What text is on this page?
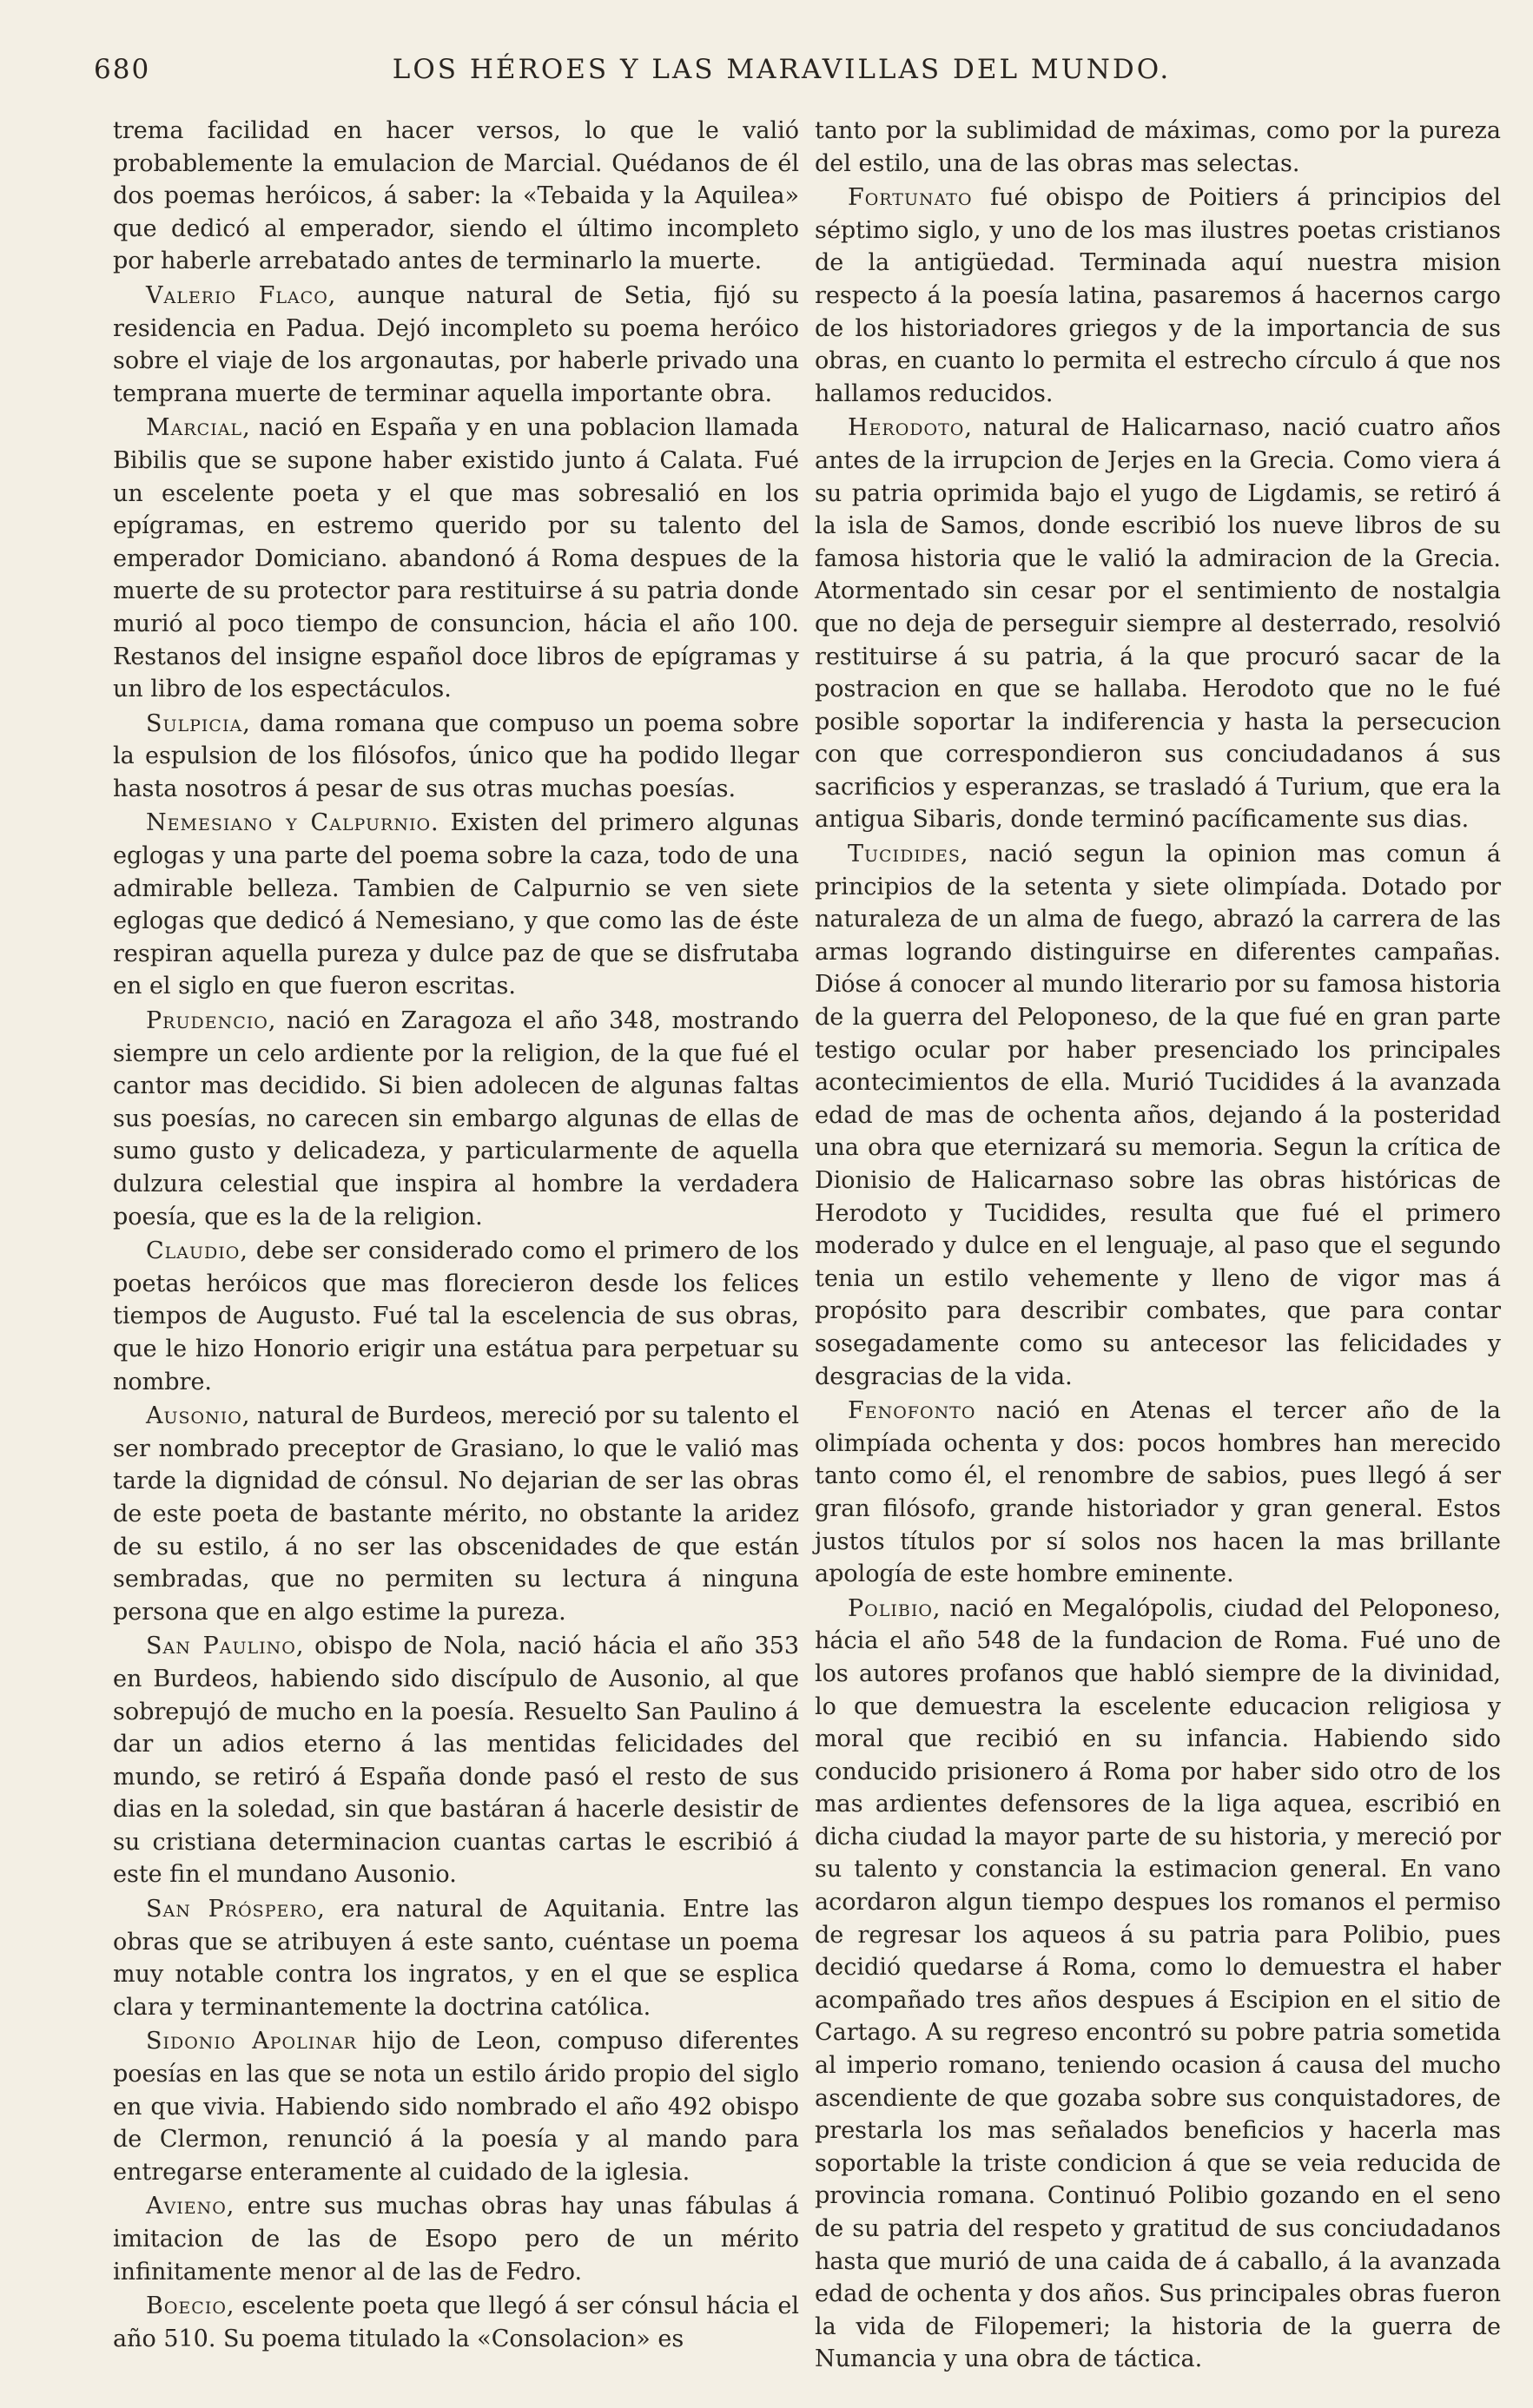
680	LOS HÉROES Y LAS MARAVILLAS DEL MUNDO.

trema facilidad en hacer versos, lo que le valió probablemente la emulacion de Marcial. Quédanos de él dos poemas heróicos, á saber: la «Tebaida y la Aquilea» que dedicó al emperador, siendo el último incompleto por haberle arrebatado antes de terminarlo la muerte.

Valerio Flaco, aunque natural de Setia, fijó su residencia en Padua. Dejó incompleto su poema heróico sobre el viaje de los argonautas, por haberle privado una temprana muerte de terminar aquella importante obra.

Marcial, nació en España y en una poblacion llamada Bibilis que se supone haber existido junto á Calata. Fué un escelente poeta y el que mas sobresalió en los epígramas, en estremo querido por su talento del emperador Domiciano. abandonó á Roma despues de la muerte de su protector para restituirse á su patria donde murió al poco tiempo de consuncion, hácia el año 100. Restanos del insigne español doce libros de epígramas y un libro de los espectáculos.

Sulpicia, dama romana que compuso un poema sobre la espulsion de los filósofos, único que ha podido llegar hasta nosotros á pesar de sus otras muchas poesías.

Nemesiano y Calpurnio. Existen del primero algunas eglogas y una parte del poema sobre la caza, todo de una admirable belleza. Tambien de Calpurnio se ven siete eglogas que dedicó á Nemesiano, y que como las de éste respiran aquella pureza y dulce paz de que se disfrutaba en el siglo en que fueron escritas.

Prudencio, nació en Zaragoza el año 348, mostrando siempre un celo ardiente por la religion, de la que fué el cantor mas decidido. Si bien adolecen de algunas faltas sus poesías, no carecen sin embargo algunas de ellas de sumo gusto y delicadeza, y particularmente de aquella dulzura celestial que inspira al hombre la verdadera poesía, que es la de la religion.

Claudio, debe ser considerado como el primero de los poetas heróicos que mas florecieron desde los felices tiempos de Augusto. Fué tal la escelencia de sus obras, que le hizo Honorio erigir una estátua para perpetuar su nombre.

Ausonio, natural de Burdeos, mereció por su talento el ser nombrado preceptor de Grasiano, lo que le valió mas tarde la dignidad de cónsul. No dejarian de ser las obras de este poeta de bastante mérito, no obstante la aridez de su estilo, á no ser las obscenidades de que están sembradas, que no permiten su lectura á ninguna persona que en algo estime la pureza.

San Paulino, obispo de Nola, nació hácia el año 353 en Burdeos, habiendo sido discípulo de Ausonio, al que sobrepujó de mucho en la poesía. Resuelto San Paulino á dar un adios eterno á las mentidas felicidades del mundo, se retiró á España donde pasó el resto de sus dias en la soledad, sin que bastáran á hacerle desistir de su cristiana determinacion cuantas cartas le escribió á este fin el mundano Ausonio.

San Próspero, era natural de Aquitania. Entre las obras que se atribuyen á este santo, cuéntase un poema muy notable contra los ingratos, y en el que se esplica clara y terminantemente la doctrina católica.

Sidonio Apolinar hijo de Leon, compuso diferentes poesías en las que se nota un estilo árido propio del siglo en que vivia. Habiendo sido nombrado el año 492 obispo de Clermon, renunció á la poesía y al mando para entregarse enteramente al cuidado de la iglesia.

Avieno, entre sus muchas obras hay unas fábulas á imitacion de las de Esopo pero de un mérito infinitamente menor al de las de Fedro.

Boecio, escelente poeta que llegó á ser cónsul hácia el año 510. Su poema titulado la «Consolacion» es

tanto por la sublimidad de máximas, como por la pureza del estilo, una de las obras mas selectas.

Fortunato fué obispo de Poitiers á principios del séptimo siglo, y uno de los mas ilustres poetas cristianos de la antigüedad. Terminada aquí nuestra mision respecto á la poesía latina, pasaremos á hacernos cargo de los historiadores griegos y de la importancia de sus obras, en cuanto lo permita el estrecho círculo á que nos hallamos reducidos.

Herodoto, natural de Halicarnaso, nació cuatro años antes de la irrupcion de Jerjes en la Grecia. Como viera á su patria oprimida bajo el yugo de Ligdamis, se retiró á la isla de Samos, donde escribió los nueve libros de su famosa historia que le valió la admiracion de la Grecia. Atormentado sin cesar por el sentimiento de nostalgia que no deja de perseguir siempre al desterrado, resolvió restituirse á su patria, á la que procuró sacar de la postracion en que se hallaba. Herodoto que no le fué posible soportar la indiferencia y hasta la persecucion con que correspondieron sus conciudadanos á sus sacrificios y esperanzas, se trasladó á Turium, que era la antigua Sibaris, donde terminó pacíficamente sus dias.

Tucidides, nació segun la opinion mas comun á principios de la setenta y siete olimpíada. Dotado por naturaleza de un alma de fuego, abrazó la carrera de las armas logrando distinguirse en diferentes campañas. Dióse á conocer al mundo literario por su famosa historia de la guerra del Peloponeso, de la que fué en gran parte testigo ocular por haber presenciado los principales acontecimientos de ella. Murió Tucidides á la avanzada edad de mas de ochenta años, dejando á la posteridad una obra que eternizará su memoria. Segun la crítica de Dionisio de Halicarnaso sobre las obras históricas de Herodoto y Tucidides, resulta que fué el primero moderado y dulce en el lenguaje, al paso que el segundo tenia un estilo vehemente y lleno de vigor mas á propósito para describir combates, que para contar sosegadamente como su antecesor las felicidades y desgracias de la vida.

Fenofonto nació en Atenas el tercer año de la olimpíada ochenta y dos: pocos hombres han merecido tanto como él, el renombre de sabios, pues llegó á ser gran filósofo, grande historiador y gran general. Estos justos títulos por sí solos nos hacen la mas brillante apología de este hombre eminente.

Polibio, nació en Megalópolis, ciudad del Peloponeso, hácia el año 548 de la fundacion de Roma. Fué uno de los autores profanos que habló siempre de la divinidad, lo que demuestra la escelente educacion religiosa y moral que recibió en su infancia. Habiendo sido conducido prisionero á Roma por haber sido otro de los mas ardientes defensores de la liga aquea, escribió en dicha ciudad la mayor parte de su historia, y mereció por su talento y constancia la estimacion general. En vano acordaron algun tiempo despues los romanos el permiso de regresar los aqueos á su patria para Polibio, pues decidió quedarse á Roma, como lo demuestra el haber acompañado tres años despues á Escipion en el sitio de Cartago. A su regreso encontró su pobre patria sometida al imperio romano, teniendo ocasion á causa del mucho ascendiente de que gozaba sobre sus conquistadores, de prestarla los mas señalados beneficios y hacerla mas soportable la triste condicion á que se veia reducida de provincia romana. Continuó Polibio gozando en el seno de su patria del respeto y gratitud de sus conciudadanos hasta que murió de una caida de á caballo, á la avanzada edad de ochenta y dos años. Sus principales obras fueron la vida de Filopemeri; la historia de la guerra de Numancia y una obra de táctica.
